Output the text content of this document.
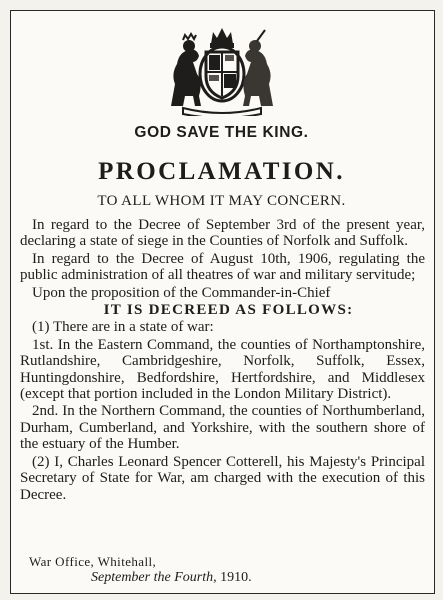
GOD SAVE THE KING.
PROCLAMATION.
TO ALL WHOM IT MAY CONCERN.

In regard to the Decree of September 3rd of the present year, declaring a state of siege in the Counties of Norfolk and Suffolk.

In regard to the Decree of August 10th, 1906, regulating the public administration of all theatres of war and military servitude;

Upon the proposition of the Commander-in-Chief

IT IS DECREED AS FOLLOWS:

(1) There are in a state of war:

1st. In the Eastern Command, the counties of Northamptonshire, Rutlandshire, Cambridgeshire, Norfolk, Suffolk, Essex, Huntingdonshire, Bedfordshire, Hertfordshire, and Middlesex (except that portion included in the London Military District).

2nd. In the Northern Command, the counties of Northumberland, Durham, Cumberland, and Yorkshire, with the southern shore of the estuary of the Humber.

(2) I, Charles Leonard Spencer Cotterell, his Majesty's Principal Secretary of State for War, am charged with the execution of this Decree.

War Office, Whitehall,
September the Fourth, 1910.
